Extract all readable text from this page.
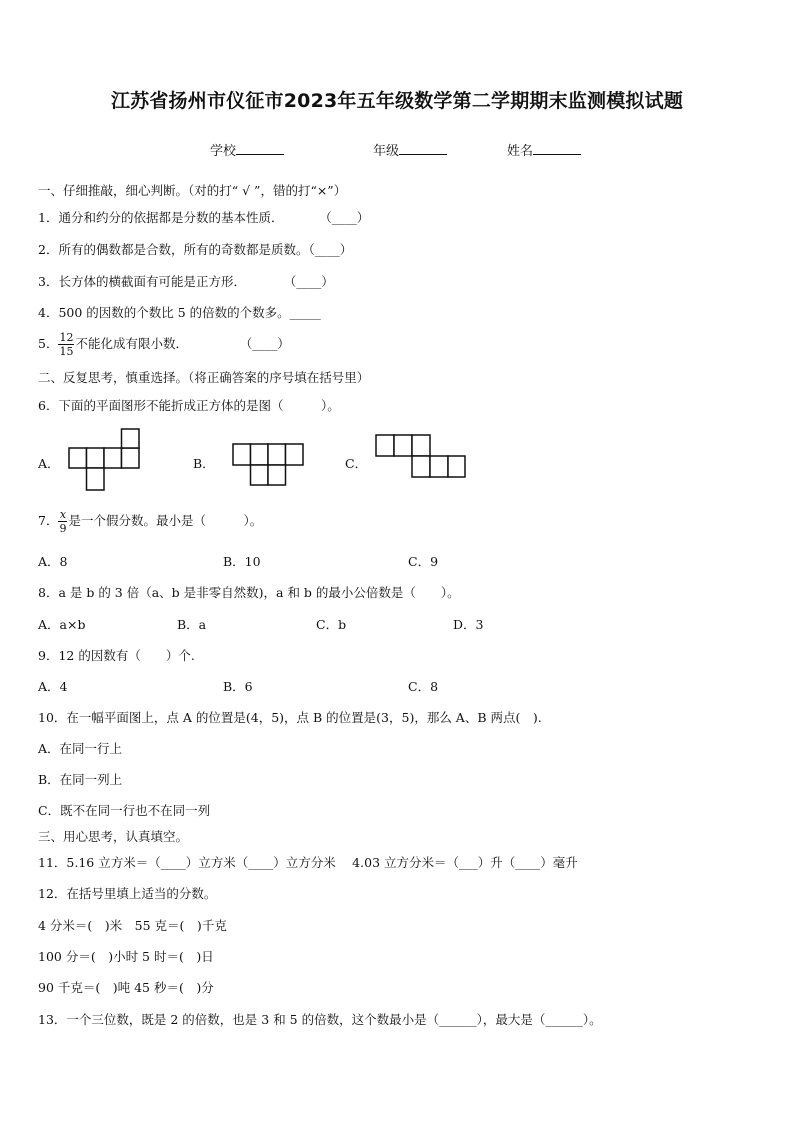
江苏省扬州市仪征市2023年五年级数学第二学期期末监测模拟试题
学校	年级	姓名
一、仔细推敲，细心判断。（对的打“ √ ”，错的打“×”）
1．通分和约分的依据都是分数的基本性质．	（____）
2．所有的偶数都是合数，所有的奇数都是质数。（____）
3．长方体的横截面有可能是正方形．	（____）
4．500 的因数的个数比 5 的倍数的个数多。_____
5． $\frac{12}{15}$ 不能化成有限小数．	（____）
二、反复思考，慎重选择。（将正确答案的序号填在括号里）
6．下面的平面图形不能折成正方体的是图（　　　）。
A．	B．	C．
7． $\frac{x}{9}$ 是一个假分数。最小是（　　　）。
A．8	B．10	C．9
8．a 是 b 的 3 倍（a、b 是非零自然数)，a 和 b 的最小公倍数是（　　）。
A．a×b	B．a	C．b	D．3
9．12 的因数有（　　）个.
A．4	B．6	C．8
10．在一幅平面图上，点 A 的位置是(4，5)，点 B 的位置是(3，5)，那么 A、B 两点(　).
A．在同一行上
B．在同一列上
C．既不在同一行也不在同一列
三、用心思考，认真填空。
11．5.16 立方米＝（____）立方米（____）立方分米　 4.03 立方分米＝（___）升（____）毫升
12．在括号里填上适当的分数。
4 分米＝(　)米　55 克＝(　)千克
100 分＝(　)小时 5 时＝(　)日
90 千克＝(　)吨 45 秒＝(　)分
13．一个三位数，既是 2 的倍数，也是 3 和 5 的倍数，这个数最小是（______），最大是（______）。
